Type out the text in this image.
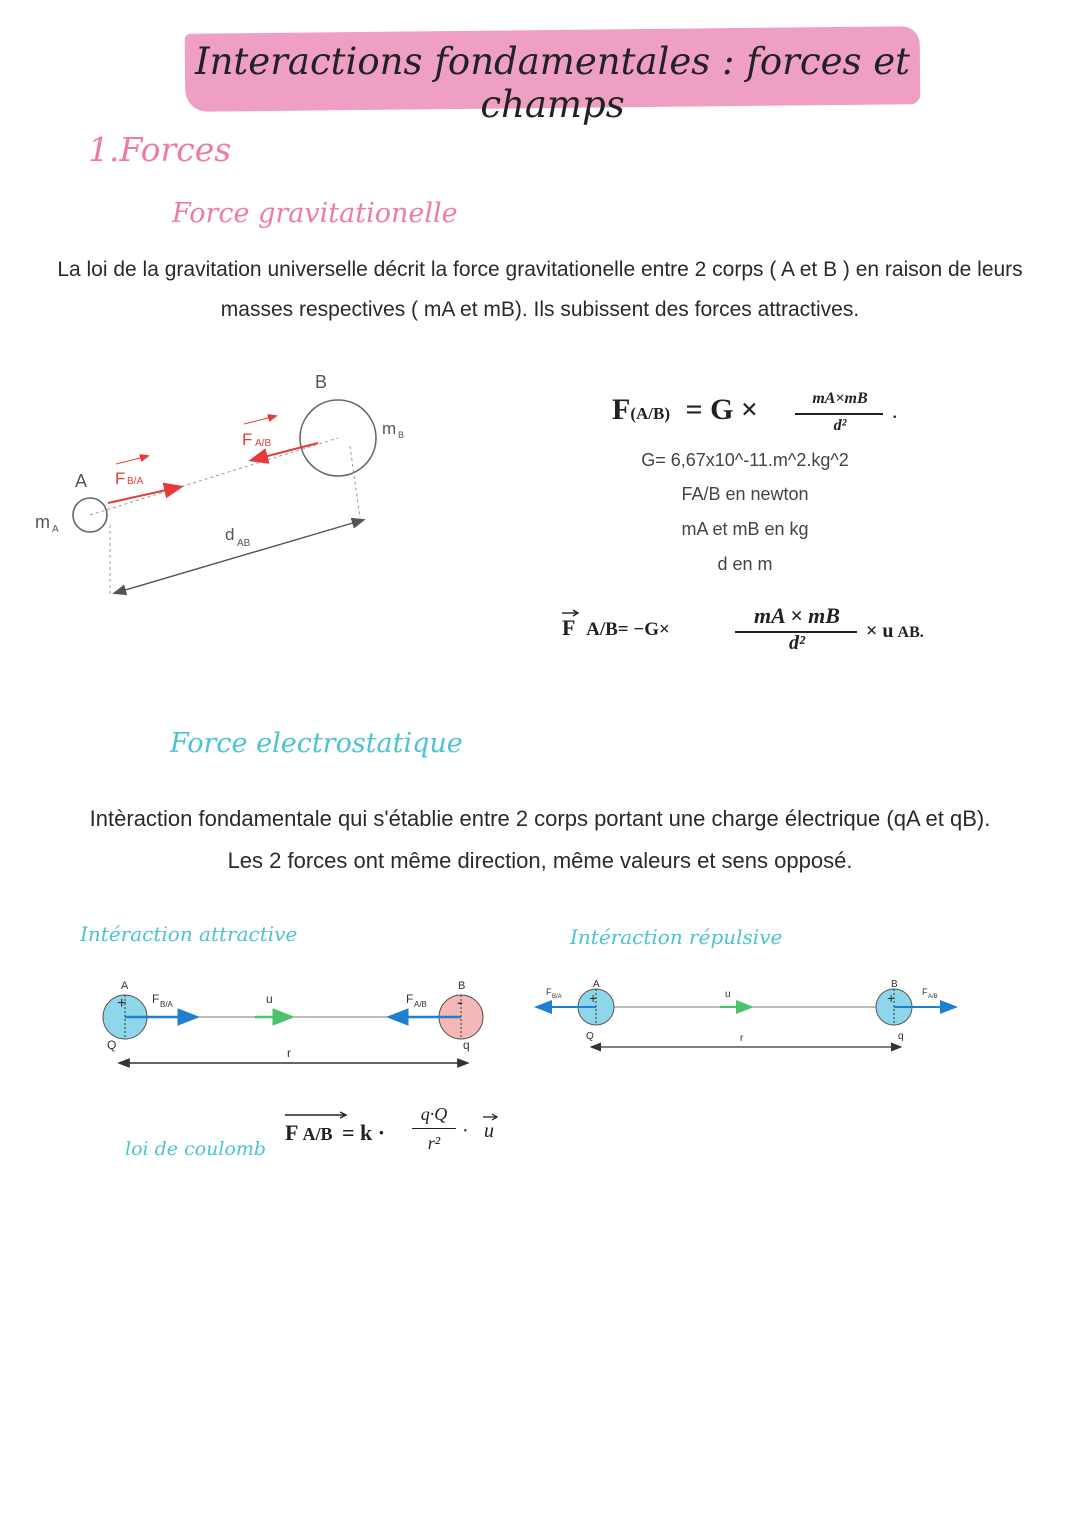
Interactions fondamentales : forces et champs
1.Forces
Force gravitationelle
La loi de la gravitation universelle décrit la force gravitationelle entre 2 corps ( A et B ) en raison de leurs
masses respectives ( mA et mB). Ils subissent des forces attractives.
A
m A
B
m B
F B/A
F A/B
d AB
F(A/B) = G ×	mA×mB
d²
.
G= 6,67x10^-11.m^2.kg^2
FA/B en newton
mA et mB en kg
d en m
F A/B= −G×
mA × mB
d²
× u AB.
Force electrostatique
Intèraction fondamentale qui s'établie entre 2 corps portant une charge électrique (qA et qB).
Les 2 forces ont même direction, même valeurs et sens opposé.
Intéraction attractive	Intéraction répulsive
A	B
+	-
Q	q
r
u
F B/A	F A/B
A	B
+	+
Q	q
r
u
F B/A	F A/B
loi de coulomb
F A/B = k ·
q·Q
r²
· u
